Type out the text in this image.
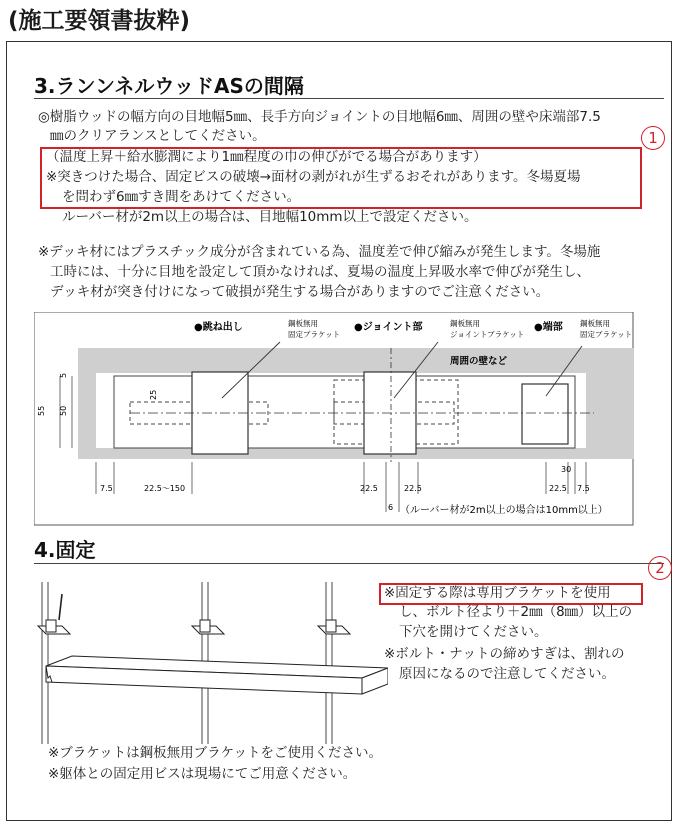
(施工要領書抜粋)
3.ランンネルウッドASの間隔
◎樹脂ウッドの幅方向の目地幅5㎜、長手方向ジョイントの目地幅6㎜、周囲の壁や床端部7.5
㎜のクリアランスとしてください。
（温度上昇＋給水膨潤により1㎜程度の巾の伸びがでる場合があります）
※突きつけた場合、固定ビスの破壊→面材の剥がれが生ずるおそれがあります。冬場夏場
を問わず6㎜すき間をあけてください。
ルーバー材が2m以上の場合は、目地幅10mm以上で設定ください。
1
※デッキ材にはプラスチック成分が含まれている為、温度差で伸び縮みが発生します。冬場施
工時には、十分に目地を設定して頂かなければ、夏場の温度上昇吸水率で伸びが発生し、
デッキ材が突き付けになって破損が発生する場合がありますのでご注意ください。
●跳ね出し	鋼板無用
固定ブラケット
●ジョイント部	鋼板無用
ジョイントブラケット
●端部 鋼板無用
固定ブラケット
周囲の壁など
55 50
5
25
30
6
7.5	22.5〜150	22.5	22.5	22.5 7.5
（ルーバー材が2m以上の場合は10mm以上）
4.固定
2
※固定する際は専用ブラケットを使用
し、ボルト径より＋2㎜（8㎜）以上の
下穴を開けてください。
※ボルト・ナットの締めすぎは、割れの
原因になるので注意してください。
※ブラケットは鋼板無用ブラケットをご使用ください。
※躯体との固定用ビスは現場にてご用意ください。
